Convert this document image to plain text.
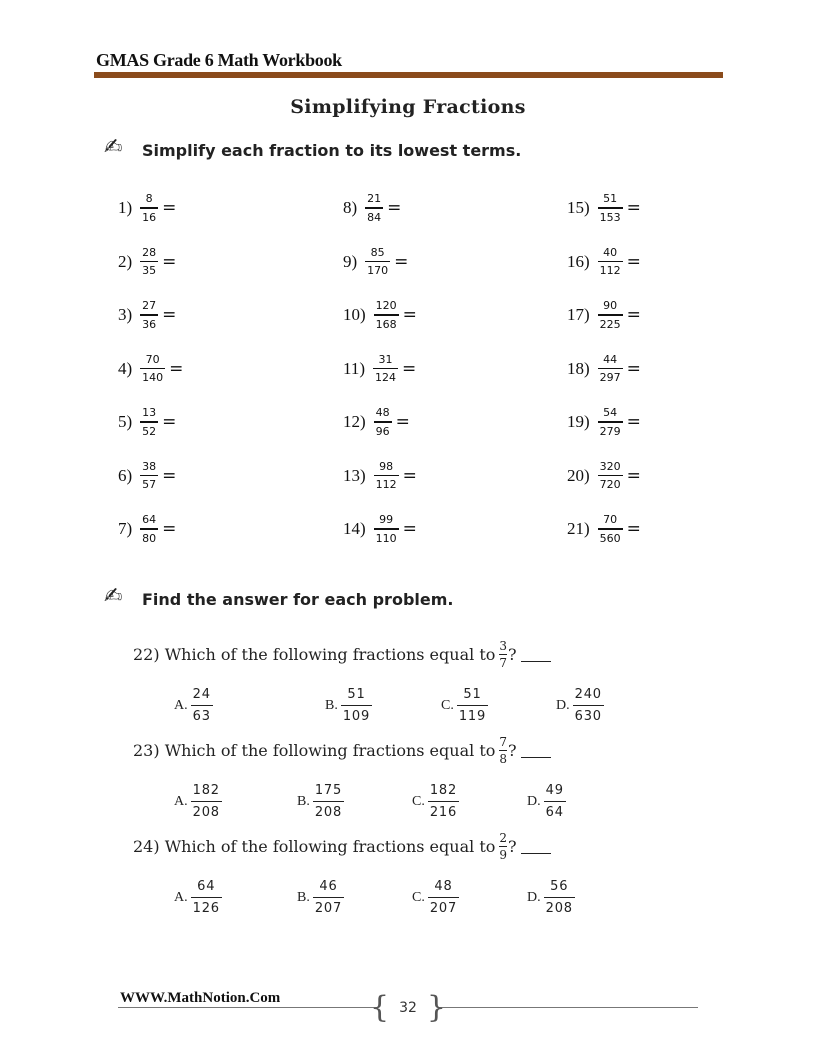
GMAS Grade 6 Math Workbook
Simplifying Fractions
✍ Simplify each fraction to its lowest terms.
$1) \frac{8}{16}$ =
$2) \frac{28}{35}$ =
$3) \frac{27}{36}$ =
$4) \frac{70}{140}$ =
$5) \frac{13}{52}$ =
$6) \frac{38}{57}$ =
$7) \frac{64}{80}$ =
$8) \frac{21}{84}$ =
$9) \frac{85}{170}$ =
$10) \frac{120}{168}$ =
$11) \frac{31}{124}$ =
$12) \frac{48}{96}$ =
$13) \frac{98}{112}$ =
$14) \frac{99}{110}$ =
$15) \frac{51}{153}$ =
$16) \frac{40}{112}$ =
$17) \frac{90}{225}$ =
$18) \frac{44}{297}$ =
$19) \frac{54}{279}$ =
$20) \frac{320}{720}$ =
$21) \frac{70}{560}$ =
✍ Find the answer for each problem.
22) Which of the following fractions equal to 3
7 ?
A.
24
63
B.
51
109
C.
51
119
D.
240
630
23) Which of the following fractions equal to 7
8 ?
A.
182
208
B.
175
208
C.
182
216
D.
49
64
24) Which of the following fractions equal to 2
9 ?
A.
64
126
B.
46
207
C.
48
207
D.
56
208
WWW.MathNotion.Com	{ 32 }
